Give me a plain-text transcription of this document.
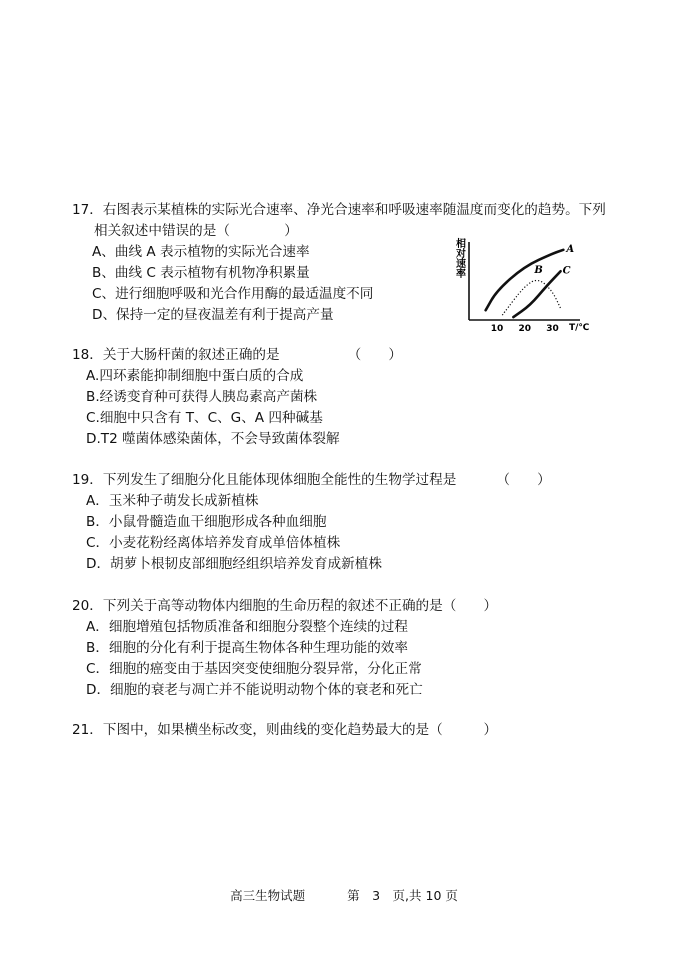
17．右图表示某植株的实际光合速率、净光合速率和呼吸速率随温度而变化的趋势。下列
相关叙述中错误的是（　　　　）
A、曲线 A 表示植物的实际光合速率
B、曲线 C 表示植物有机物净积累量
C、进行细胞呼吸和光合作用酶的最适温度不同
D、保持一定的昼夜温差有利于提高产量
相对速率
T/℃
10 20 30
A
B C
18．关于大肠杆菌的叙述正确的是	（　　）
A.四环素能抑制细胞中蛋白质的合成
B.经诱变育种可获得人胰岛素高产菌株
C.细胞中只含有 T、C、G、A 四种碱基
D.T2 噬菌体感染菌体，不会导致菌体裂解
19．下列发生了细胞分化且能体现体细胞全能性的生物学过程是	（　　）
A．玉米种子萌发长成新植株
B．小鼠骨髓造血干细胞形成各种血细胞
C．小麦花粉经离体培养发育成单倍体植株
D．胡萝卜根韧皮部细胞经组织培养发育成新植株
20．下列关于高等动物体内细胞的生命历程的叙述不正确的是（　　）
A．细胞增殖包括物质准备和细胞分裂整个连续的过程
B．细胞的分化有利于提高生物体各种生理功能的效率
C．细胞的癌变由于基因突变使细胞分裂异常，分化正常
D．细胞的衰老与凋亡并不能说明动物个体的衰老和死亡
21．下图中，如果横坐标改变，则曲线的变化趋势最大的是（　　　）
高三生物试题	第　3　页,共 10 页
